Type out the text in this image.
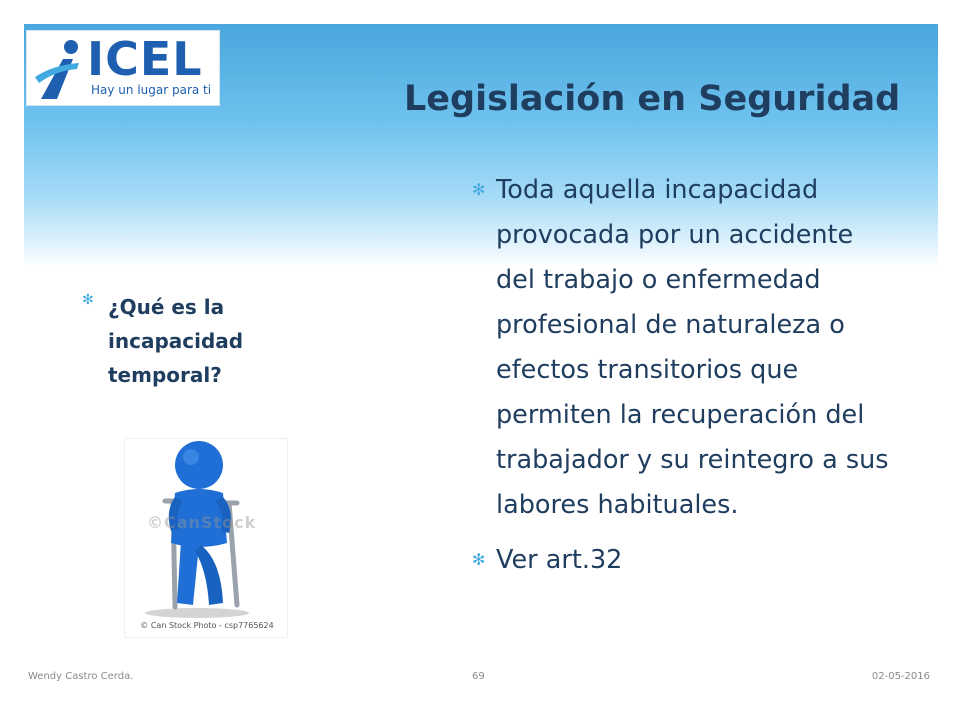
ICEL
Hay un lugar para ti	Legislación en Seguridad
✻ ¿Qué es la incapacidad temporal?
©CanStock
© Can Stock Photo - csp7765624
✻ Toda aquella incapacidad provocada por un accidente del trabajo o enfermedad profesional de naturaleza o efectos transitorios que permiten la recuperación del trabajador y su reintegro a sus labores habituales.
✻ Ver art.32
Wendy Castro Cerda.	69	02-05-2016
